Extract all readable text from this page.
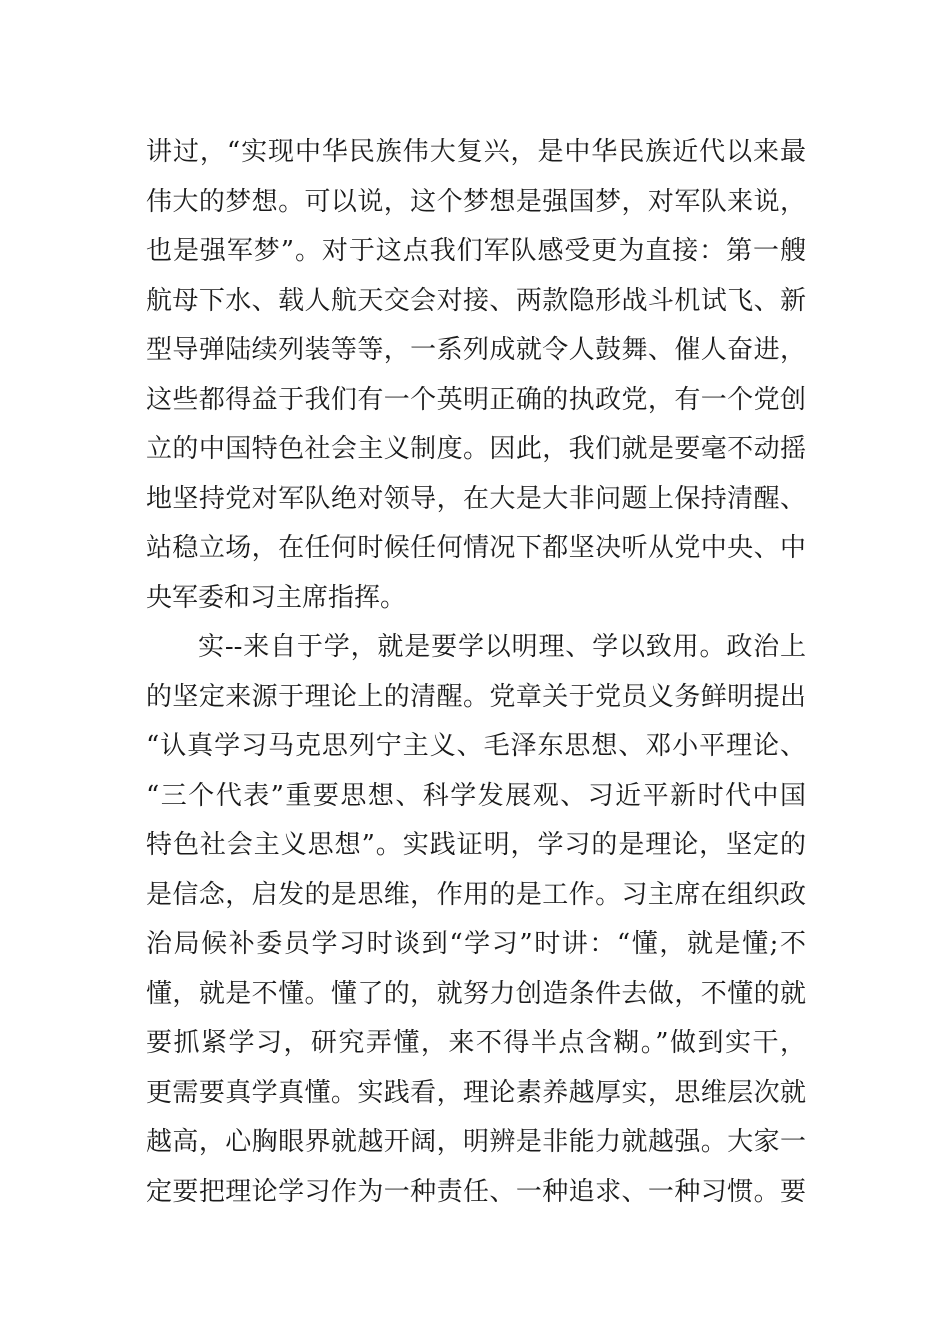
讲过，“实现中华民族伟大复兴，是中华民族近代以来最
伟大的梦想。可以说，这个梦想是强国梦，对军队来说，
也是强军梦”。对于这点我们军队感受更为直接：第一艘
航母下水、载人航天交会对接、两款隐形战斗机试飞、新
型导弹陆续列装等等，一系列成就令人鼓舞、催人奋进，
这些都得益于我们有一个英明正确的执政党，有一个党创
立的中国特色社会主义制度。因此，我们就是要毫不动摇
地坚持党对军队绝对领导，在大是大非问题上保持清醒、
站稳立场，在任何时候任何情况下都坚决听从党中央、中
央军委和习主席指挥。
实--来自于学，就是要学以明理、学以致用。政治上
的坚定来源于理论上的清醒。党章关于党员义务鲜明提出
“认真学习马克思列宁主义、毛泽东思想、邓小平理论、
“三个代表”重要思想、科学发展观、习近平新时代中国
特色社会主义思想”。实践证明，学习的是理论，坚定的
是信念，启发的是思维，作用的是工作。习主席在组织政
治局候补委员学习时谈到“学习”时讲：“懂，就是懂;不
懂，就是不懂。懂了的，就努力创造条件去做，不懂的就
要抓紧学习，研究弄懂，来不得半点含糊。”做到实干，
更需要真学真懂。实践看，理论素养越厚实，思维层次就
越高，心胸眼界就越开阔，明辨是非能力就越强。大家一
定要把理论学习作为一种责任、一种追求、一种习惯。要
